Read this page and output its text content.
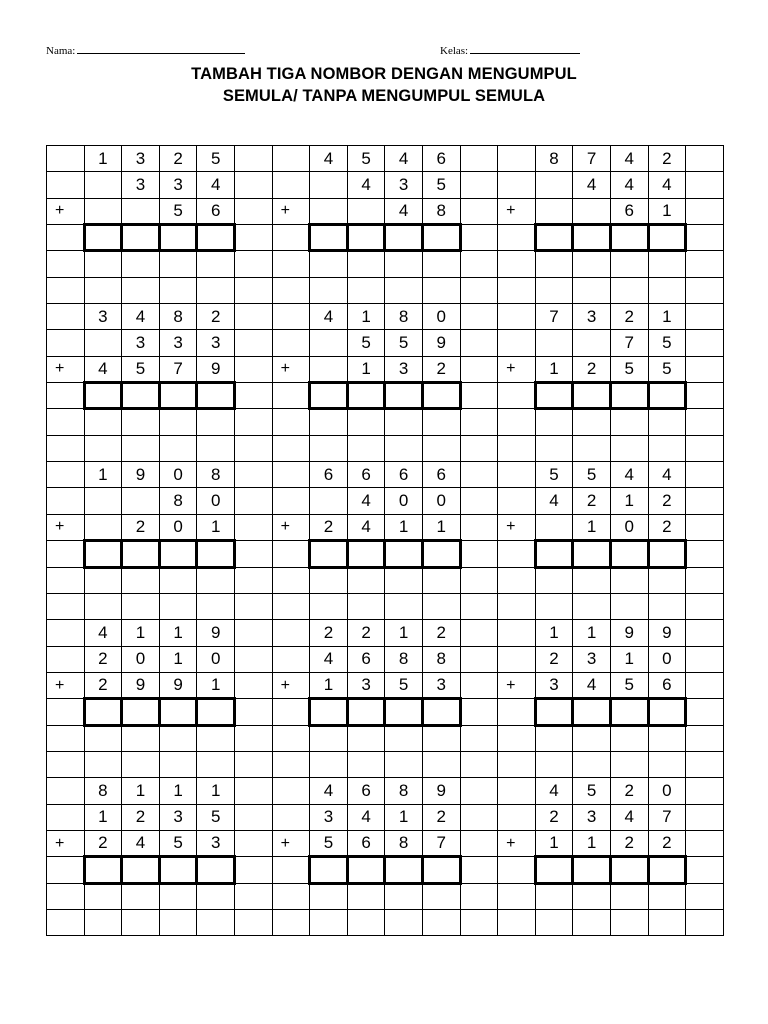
Nama:	Kelas:
TAMBAH TIGA NOMBOR DENGAN MENGUMPUL
SEMULA/ TANPA MENGUMPUL SEMULA
	1	3	2	5			4	5	4	6			8	7	4	2	
		3	3	4				4	3	5				4	4	4	
+			5	6		+			4	8		+			6	1	

	3	4	8	2			4	1	8	0			7	3	2	1	
		3	3	3				5	5	9					7	5	
+	4	5	7	9		+		1	3	2		+	1	2	5	5	

	1	9	0	8			6	6	6	6			5	5	4	4	
			8	0				4	0	0			4	2	1	2	
+		2	0	1		+	2	4	1	1		+		1	0	2	

	4	1	1	9			2	2	1	2			1	1	9	9	
	2	0	1	0			4	6	8	8			2	3	1	0	
+	2	9	9	1		+	1	3	5	3		+	3	4	5	6	

	8	1	1	1			4	6	8	9			4	5	2	0	
	1	2	3	5			3	4	1	2			2	3	4	7	
+	2	4	5	3		+	5	6	8	7		+	1	1	2	2	
